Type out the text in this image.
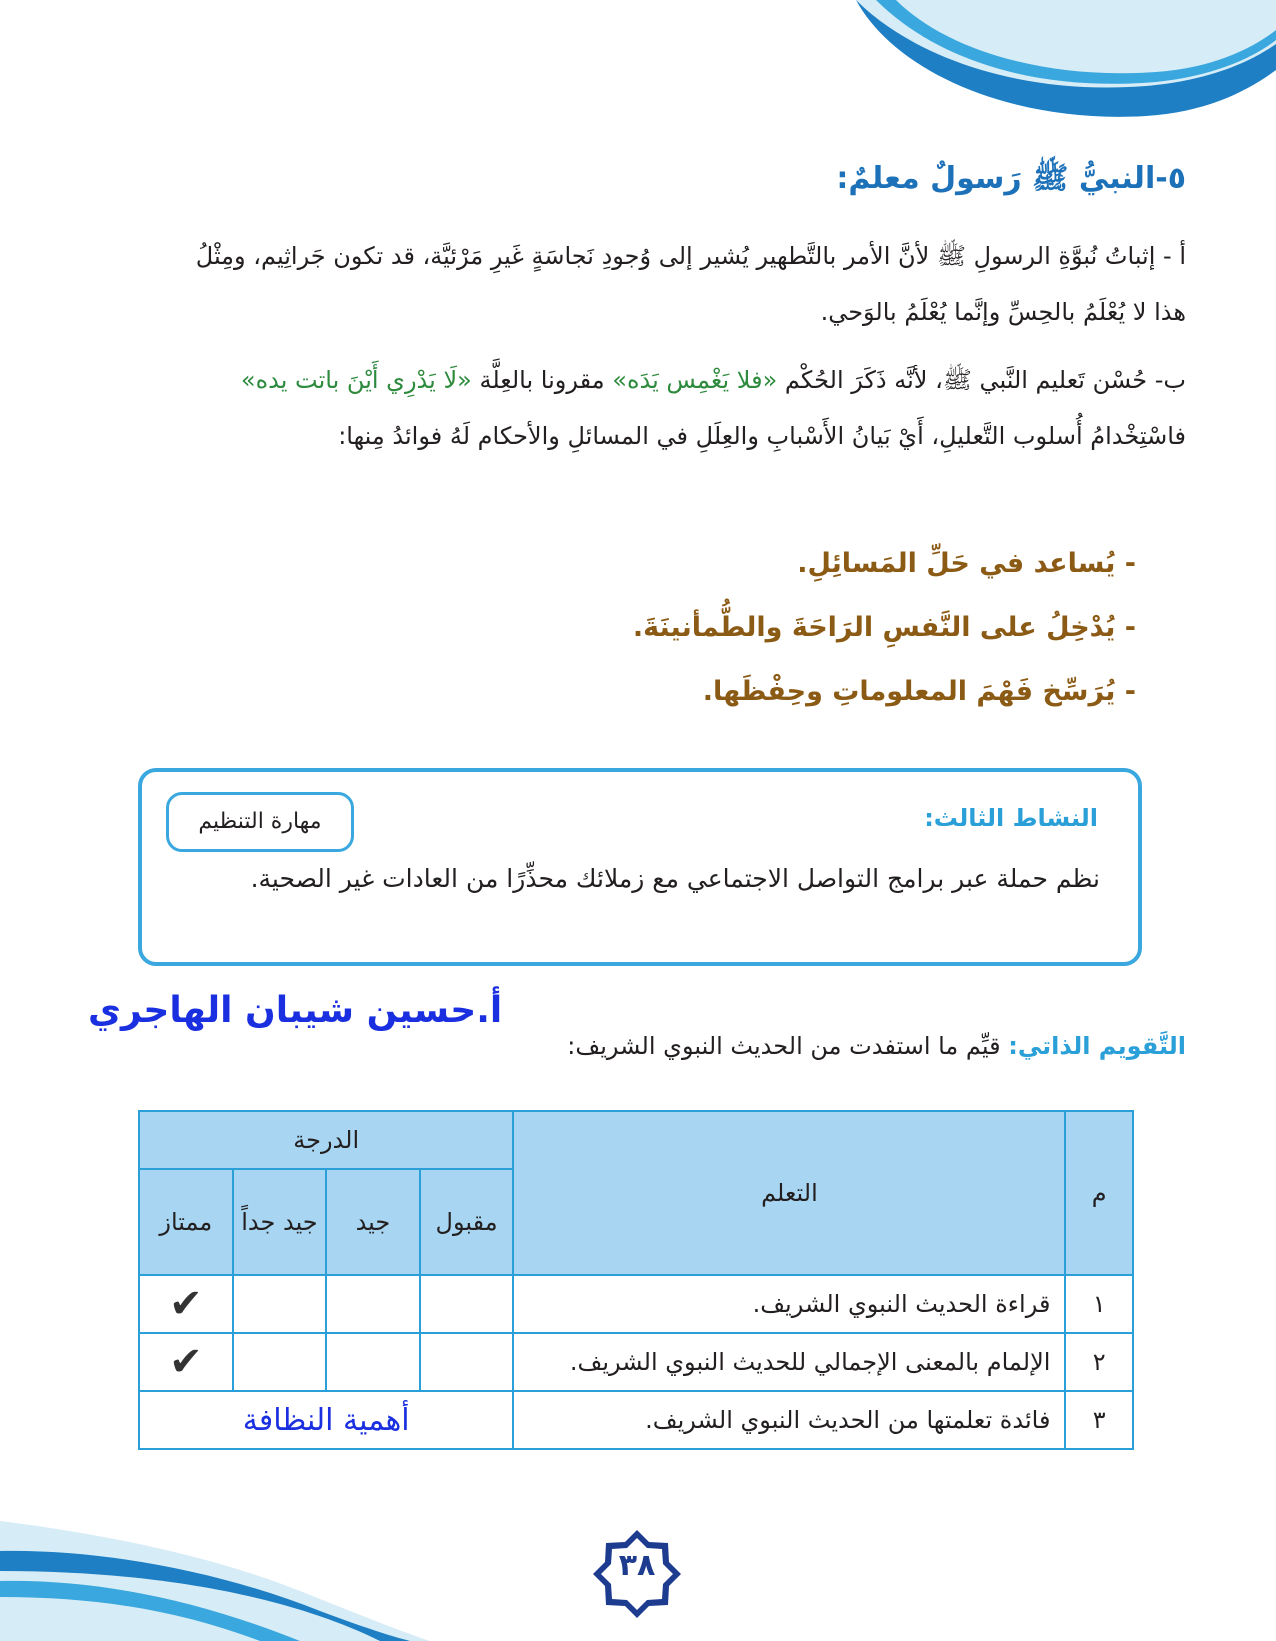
٥-النبيُّ ﷺ رَسولٌ معلمٌ:
أ - إثباتُ نُبوَّةِ الرسولِ ﷺ لأنَّ الأمر بالتَّطهير يُشير إلى وُجودِ نَجاسَةٍ غَيرِ مَرْئيَّة، قد تكون جَراثِيم، ومِثْلُ هذا لا يُعْلَمُ بالحِسِّ وإنَّما يُعْلَمُ بالوَحي.
ب- حُسْن تَعليم النَّبي ﷺ، لأنَّه ذَكَرَ الحُكْم «فلا يَغْمِس يَدَه» مقرونا بالعِلَّة «لَا يَدْرِي أَيْنَ باتت يده» فاسْتِخْدامُ أُسلوب التَّعليلِ، أَيْ بَيانُ الأَسْبابِ والعِلَلِ في المسائلِ والأحكام لَهُ فوائدُ مِنها:
- يُساعد في حَلِّ المَسائِلِ.
- يُدْخِلُ على النَّفسِ الرَاحَةَ والطُّمأنينَةَ.
- يُرَسِّخ فَهْمَ المعلوماتِ وحِفْظَها.
النشاط الثالث:
مهارة التنظيم
نظم حملة عبر برامج التواصل الاجتماعي مع زملائك محذِّرًا من العادات غير الصحية.
أ.حسين شيبان الهاجري
التَّقويم الذاتي: قيِّم ما استفدت من الحديث النبوي الشريف:
م	التعلم	الدرجة			
		مقبول	جيد	جيد جداً	ممتاز
١	قراءة الحديث النبوي الشريف.				✔
٢	الإلمام بالمعنى الإجمالي للحديث النبوي الشريف.				✔
٣	فائدة تعلمتها من الحديث النبوي الشريف.	أهمية النظافة			
٣٨
